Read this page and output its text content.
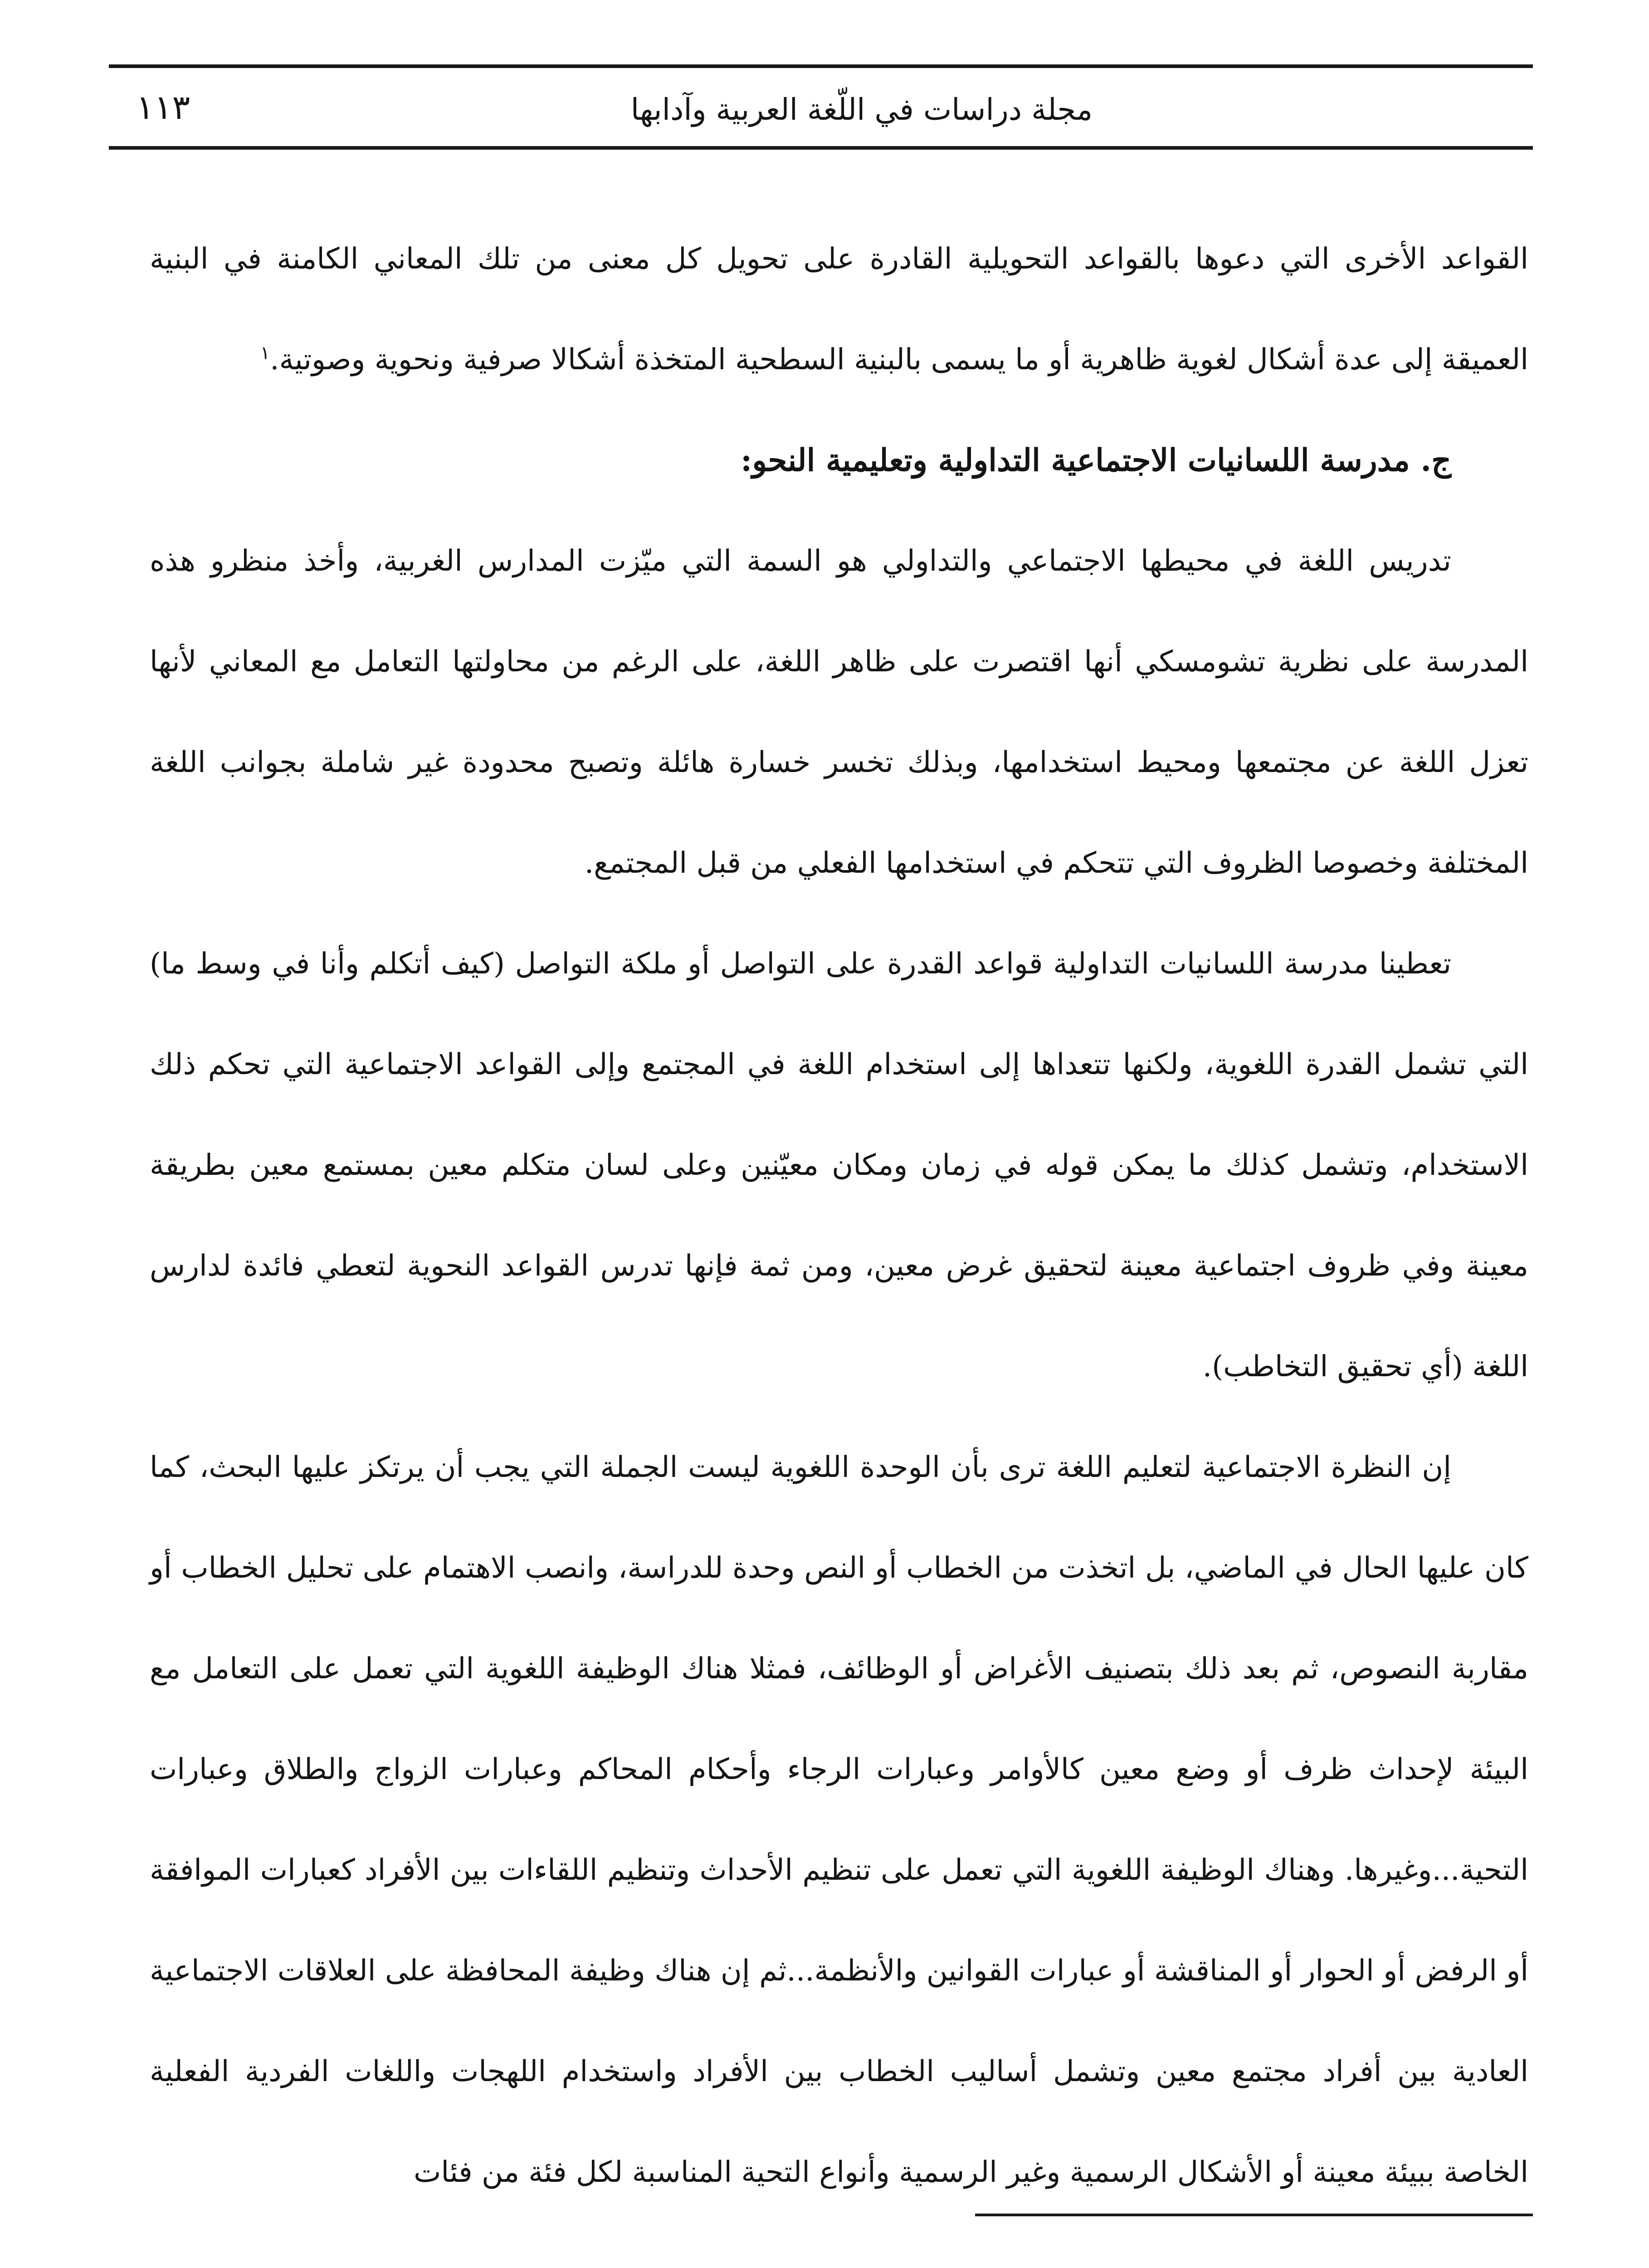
مجلة دراسات في اللّغة العربية وآدابها
١١٣

القواعد الأخرى التي دعوها بالقواعد التحويلية القادرة على تحويل كل معنى من تلك المعاني الكامنة في البنية العميقة إلى عدة أشكال لغوية ظاهرية أو ما يسمى بالبنية السطحية المتخذة أشكالا صرفية ونحوية وصوتية.$^١$

ج. مدرسة اللسانيات الاجتماعية التداولية وتعليمية النحو:

تدريس اللغة في محيطها الاجتماعي والتداولي هو السمة التي ميّزت المدارس الغربية، وأخذ منظرو هذه المدرسة على نظرية تشومسكي أنها اقتصرت على ظاهر اللغة، على الرغم من محاولتها التعامل مع المعاني لأنها تعزل اللغة عن مجتمعها ومحيط استخدامها، وبذلك تخسر خسارة هائلة وتصبح محدودة غير شاملة بجوانب اللغة المختلفة وخصوصا الظروف التي تتحكم في استخدامها الفعلي من قبل المجتمع.

تعطينا مدرسة اللسانيات التداولية قواعد القدرة على التواصل أو ملكة التواصل (كيف أتكلم وأنا في وسط ما) التي تشمل القدرة اللغوية، ولكنها تتعداها إلى استخدام اللغة في المجتمع وإلى القواعد الاجتماعية التي تحكم ذلك الاستخدام، وتشمل كذلك ما يمكن قوله في زمان ومكان معيّنين وعلى لسان متكلم معين بمستمع معين بطريقة معينة وفي ظروف اجتماعية معينة لتحقيق غرض معين، ومن ثمة فإنها تدرس القواعد النحوية لتعطي فائدة لدارس اللغة (أي تحقيق التخاطب).

إن النظرة الاجتماعية لتعليم اللغة ترى بأن الوحدة اللغوية ليست الجملة التي يجب أن يرتكز عليها البحث، كما كان عليها الحال في الماضي، بل اتخذت من الخطاب أو النص وحدة للدراسة، وانصب الاهتمام على تحليل الخطاب أو مقاربة النصوص، ثم بعد ذلك بتصنيف الأغراض أو الوظائف، فمثلا هناك الوظيفة اللغوية التي تعمل على التعامل مع البيئة لإحداث ظرف أو وضع معين كالأوامر وعبارات الرجاء وأحكام المحاكم وعبارات الزواج والطلاق وعبارات التحية...وغيرها. وهناك الوظيفة اللغوية التي تعمل على تنظيم الأحداث وتنظيم اللقاءات بين الأفراد كعبارات الموافقة أو الرفض أو الحوار أو المناقشة أو عبارات القوانين والأنظمة...ثم إن هناك وظيفة المحافظة على العلاقات الاجتماعية العادية بين أفراد مجتمع معين وتشمل أساليب الخطاب بين الأفراد واستخدام اللهجات واللغات الفردية الفعلية الخاصة ببيئة معينة أو الأشكال الرسمية وغير الرسمية وأنواع التحية المناسبة لكل فئة من فئات
